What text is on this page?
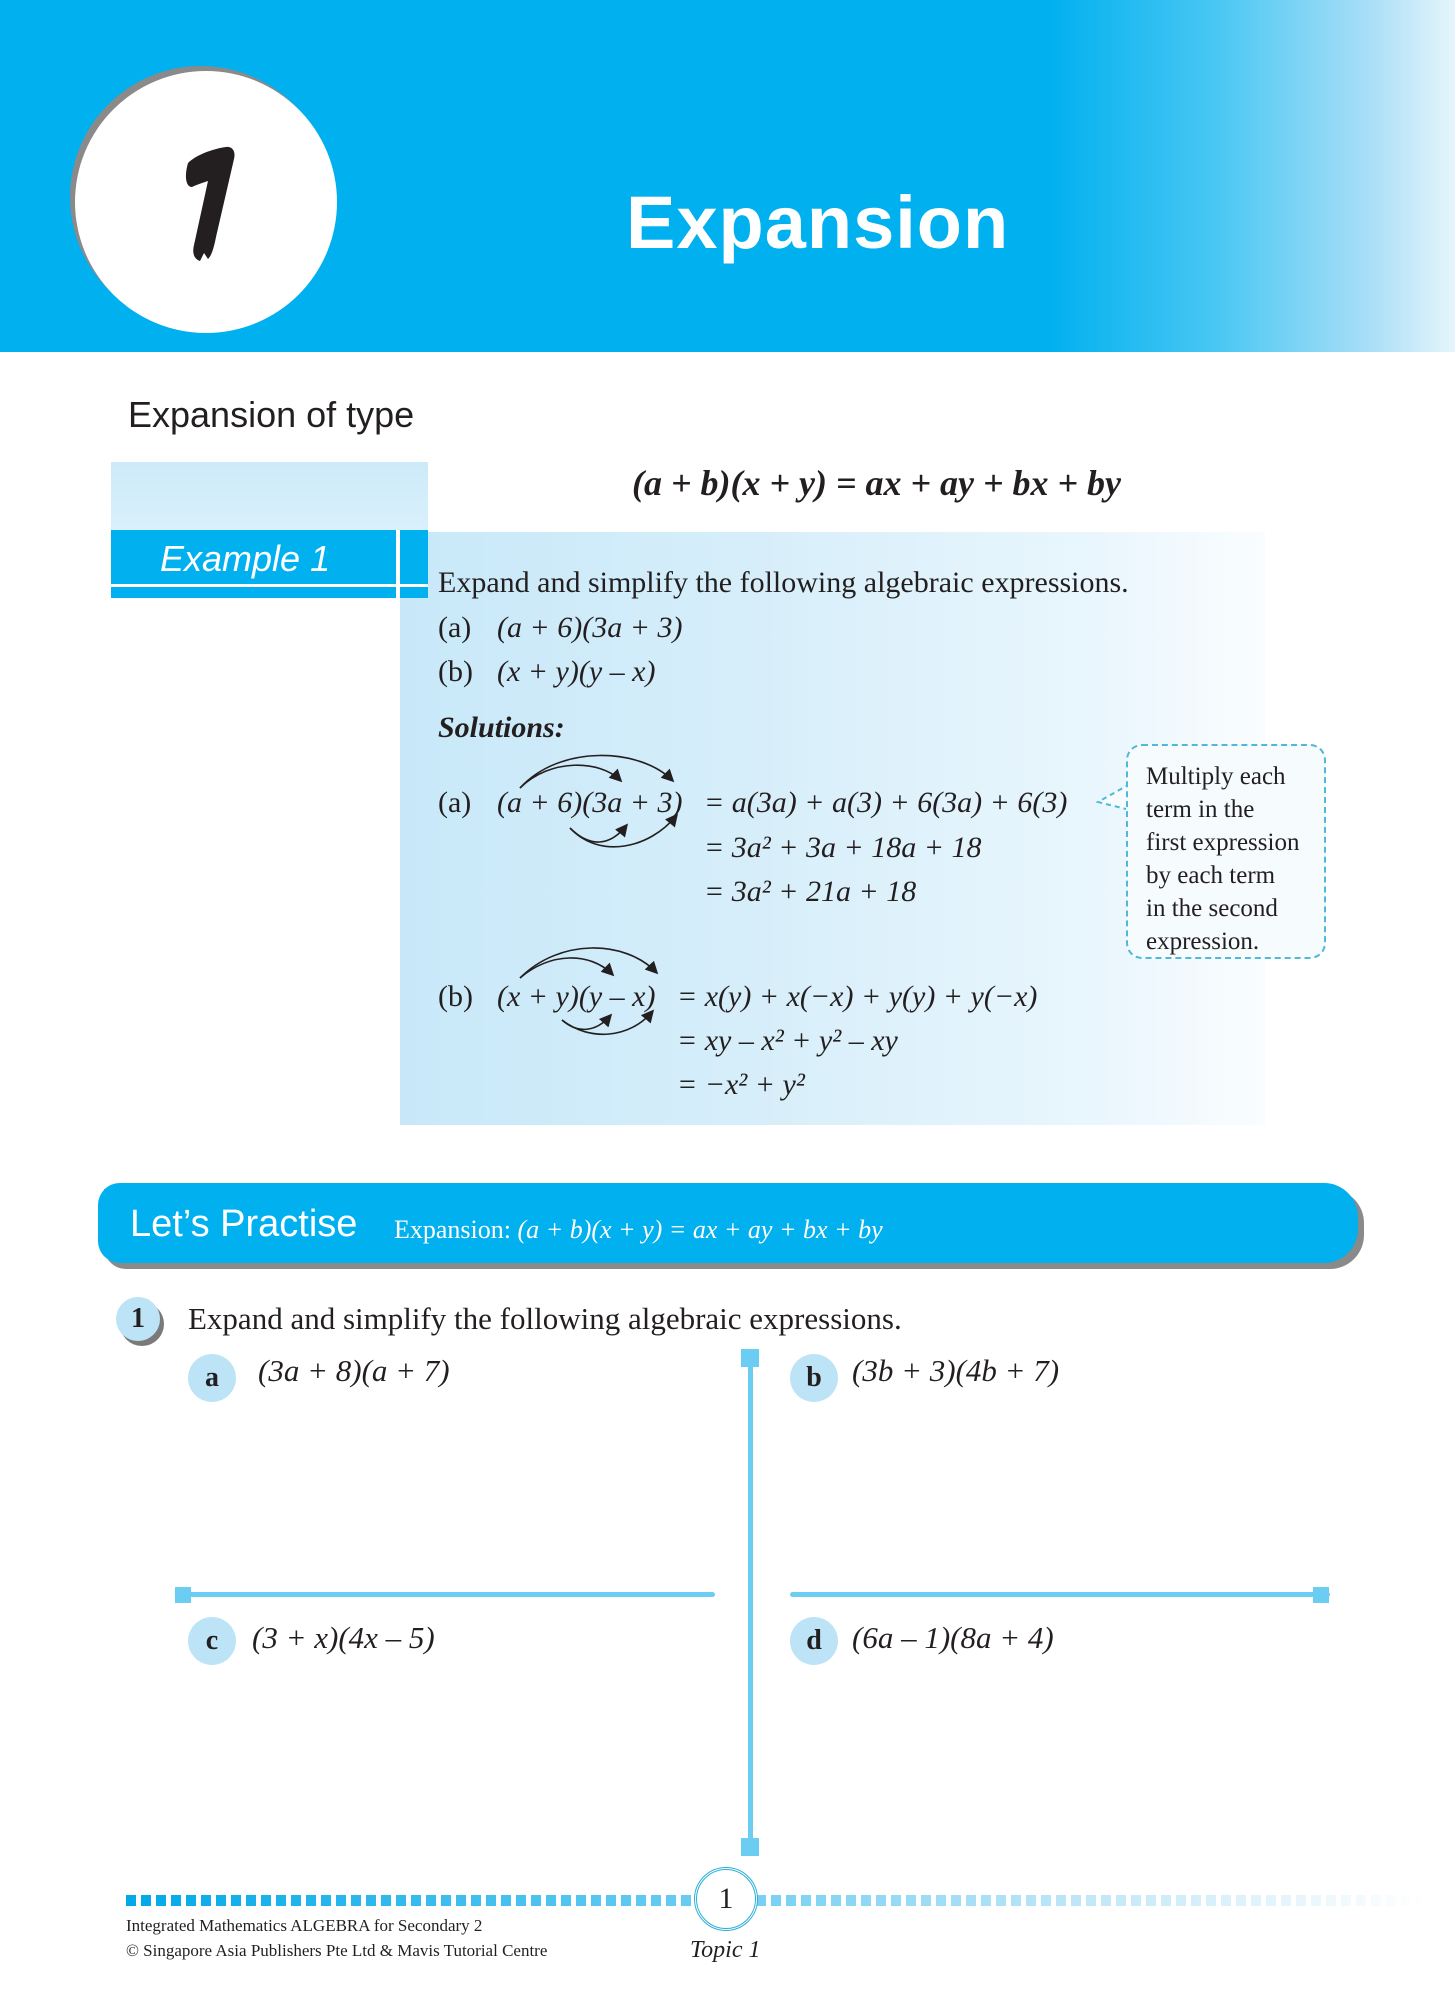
Expansion
Expansion of type
(a + b)(x + y) = ax + ay + bx + by
Example 1
Expand and simplify the following algebraic expressions.
(a) (a + 6)(3a + 3)
(b) (x + y)(y – x)
Solutions:
(a) (a + 6)(3a + 3) = a(3a) + a(3) + 6(3a) + 6(3)
= 3a² + 3a + 18a + 18
= 3a² + 21a + 18
Multiply each
term in the
first expression
by each term
in the second
expression.
(b) (x + y)(y – x) = x(y) + x(−x) + y(y) + y(−x)
= xy – x² + y² – xy
= −x² + y²
Let’s Practise Expansion: (a + b)(x + y) = ax + ay + bx + by
1	Expand and simplify the following algebraic expressions.
a	(3a + 8)(a + 7)	b (3b + 3)(4b + 7)
c	(3 + x)(4x – 5)	d (6a – 1)(8a + 4)
1
Integrated Mathematics ALGEBRA for Secondary 2
© Singapore Asia Publishers Pte Ltd & Mavis Tutorial Centre	Topic 1
